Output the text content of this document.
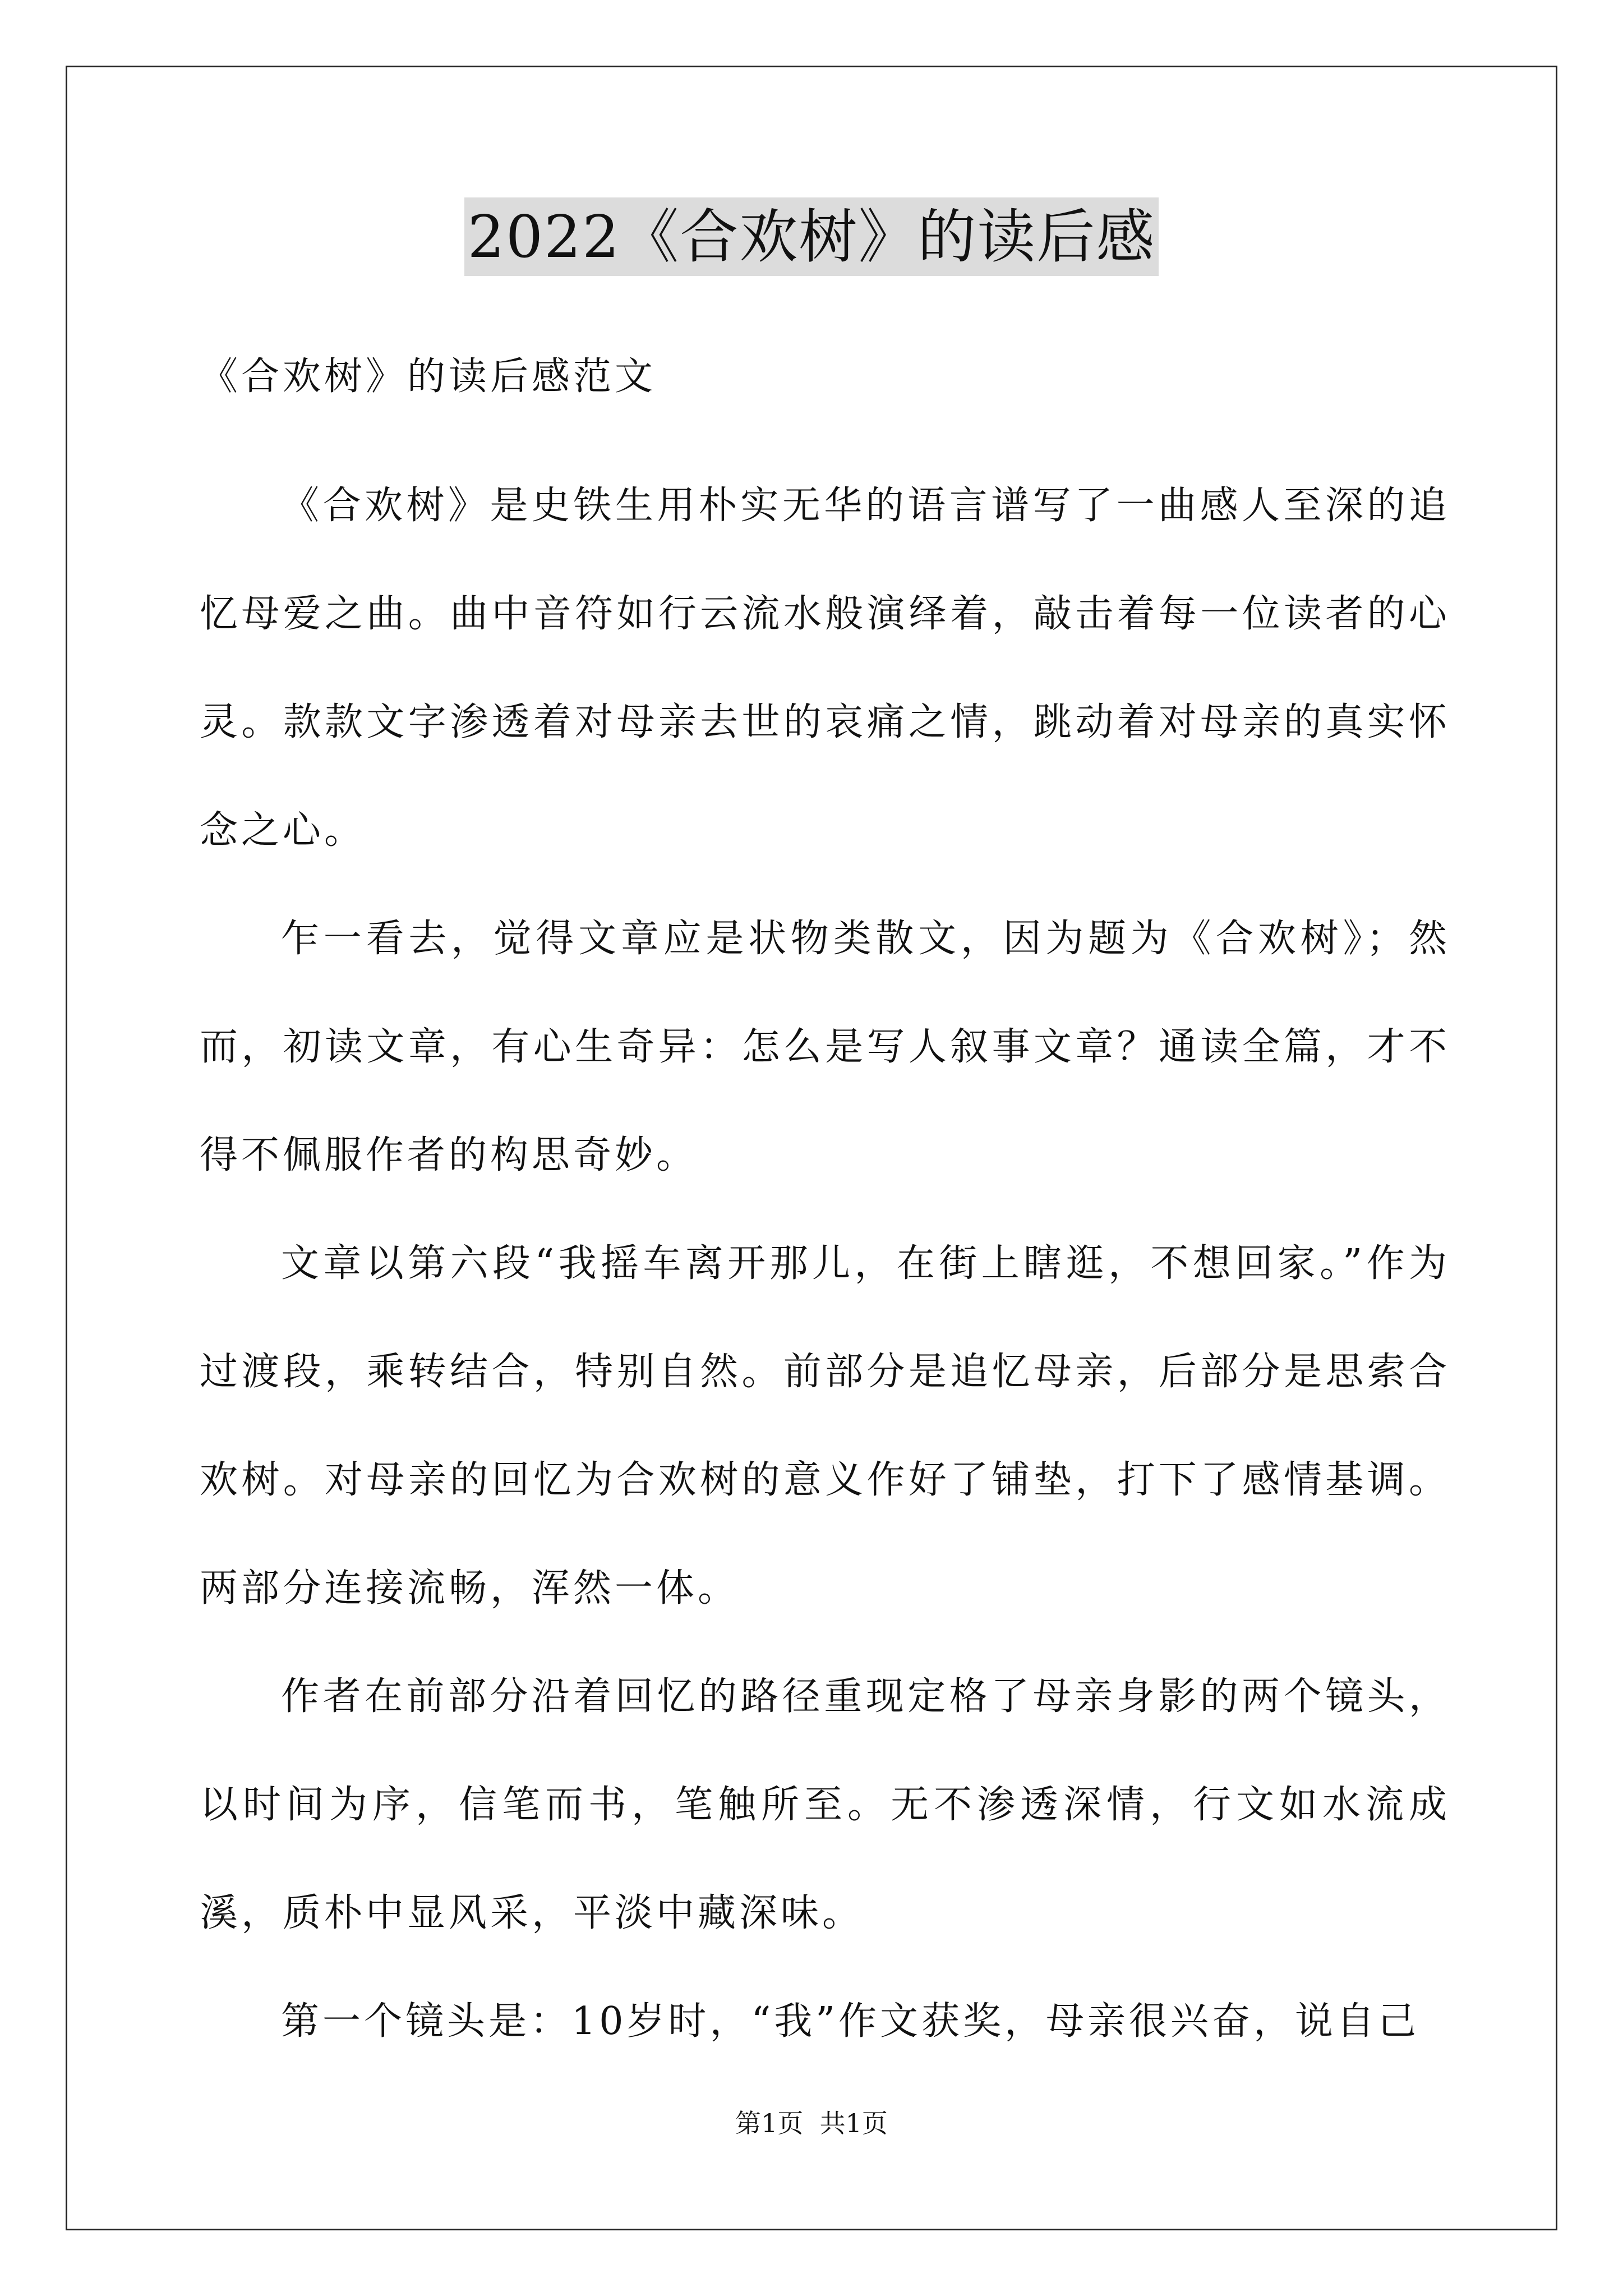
2022《合欢树》的读后感
《合欢树》的读后感范文

《合欢树》是史铁生用朴实无华的语言谱写了一曲感人至深的追忆母爱之曲。曲中音符如行云流水般演绎着，敲击着每一位读者的心灵。款款文字渗透着对母亲去世的哀痛之情，跳动着对母亲的真实怀念之心。

乍一看去，觉得文章应是状物类散文，因为题为《合欢树》；然而，初读文章，有心生奇异：怎么是写人叙事文章？通读全篇，才不得不佩服作者的构思奇妙。

文章以第六段“我摇车离开那儿，在街上瞎逛，不想回家。”作为过渡段，乘转结合，特别自然。前部分是追忆母亲，后部分是思索合欢树。对母亲的回忆为合欢树的意义作好了铺垫，打下了感情基调。两部分连接流畅，浑然一体。

作者在前部分沿着回忆的路径重现定格了母亲身影的两个镜头，以时间为序，信笔而书，笔触所至。无不渗透深情，行文如水流成溪，质朴中显风采，平淡中藏深味。

第一个镜头是：10岁时，“我”作文获奖，母亲很兴奋，说自己

第1页  共1页
